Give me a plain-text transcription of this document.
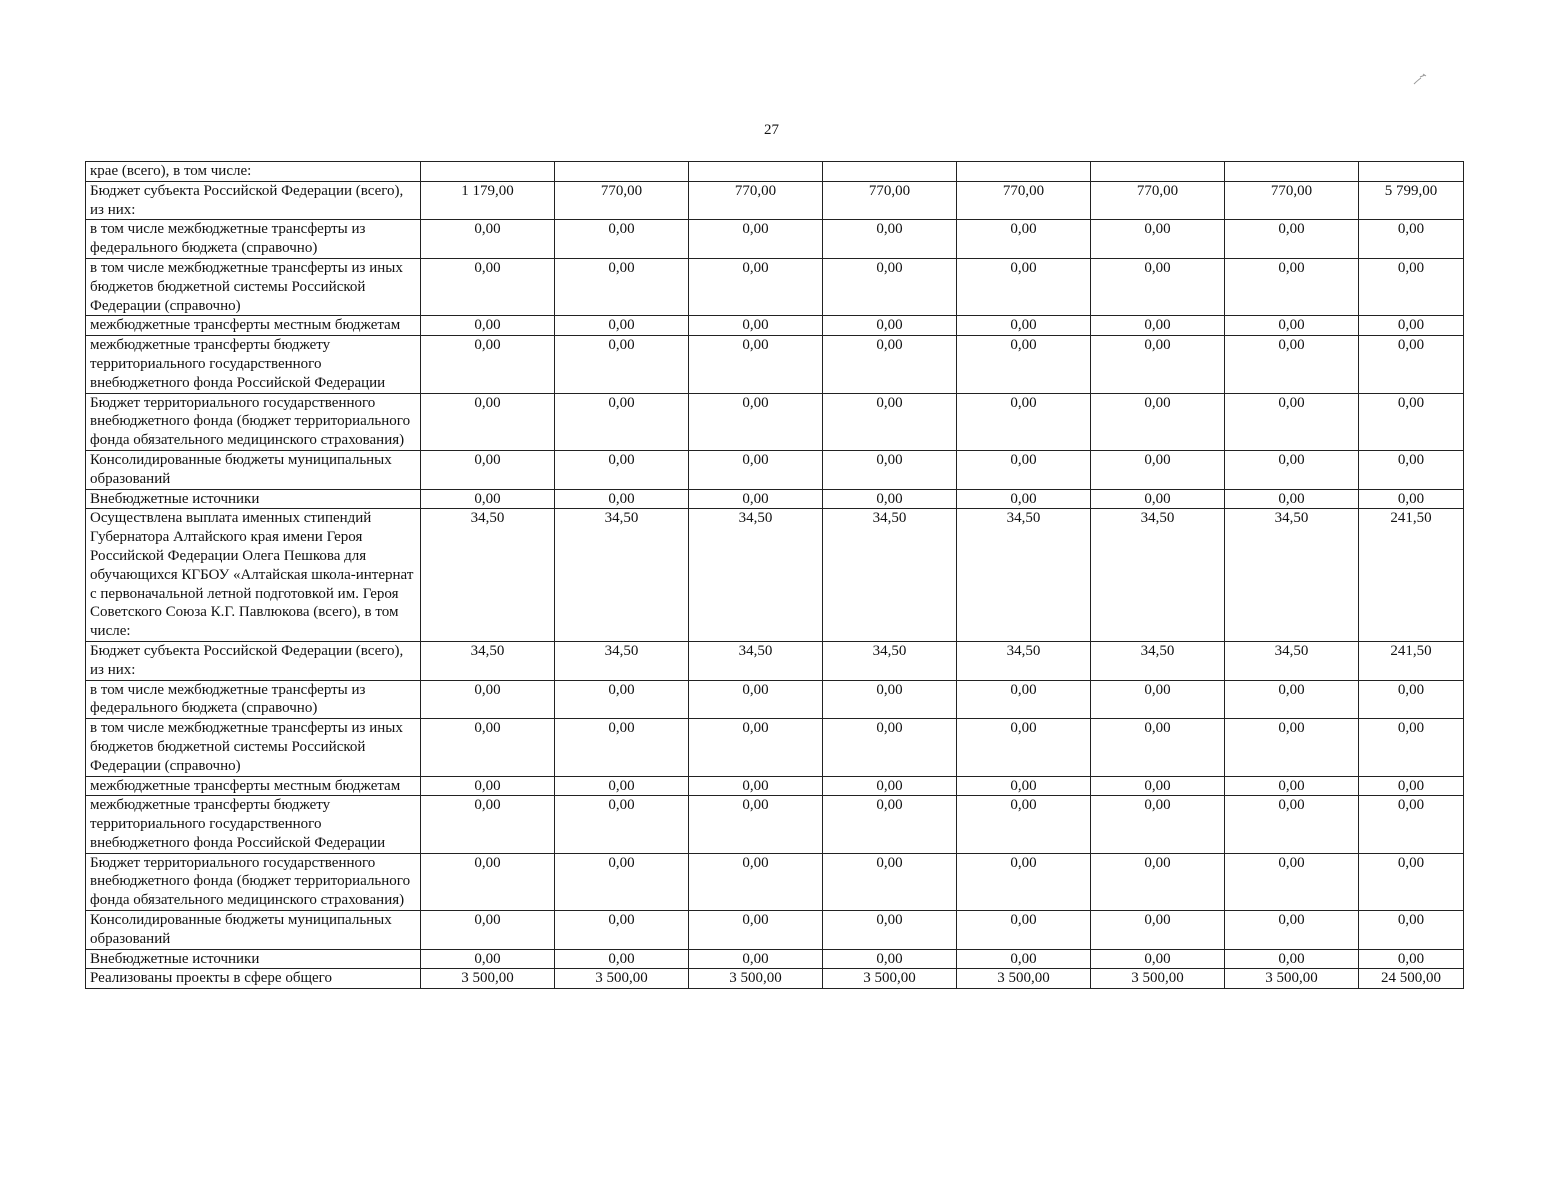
27
крае (всего), в том числе:								
Бюджет субъекта Российской Федерации (всего), из них:	1 179,00	770,00	770,00	770,00	770,00	770,00	770,00	5 799,00
в том числе межбюджетные трансферты из федерального бюджета (справочно)	0,00	0,00	0,00	0,00	0,00	0,00	0,00	0,00
в том числе межбюджетные трансферты из иных бюджетов бюджетной системы Российской Федерации (справочно)	0,00	0,00	0,00	0,00	0,00	0,00	0,00	0,00
межбюджетные трансферты местным бюджетам	0,00	0,00	0,00	0,00	0,00	0,00	0,00	0,00
межбюджетные трансферты бюджету территориального государственного внебюджетного фонда Российской Федерации	0,00	0,00	0,00	0,00	0,00	0,00	0,00	0,00
Бюджет территориального государственного внебюджетного фонда (бюджет территориального фонда обязательного медицинского страхования)	0,00	0,00	0,00	0,00	0,00	0,00	0,00	0,00
Консолидированные бюджеты муниципальных образований	0,00	0,00	0,00	0,00	0,00	0,00	0,00	0,00
Внебюджетные источники	0,00	0,00	0,00	0,00	0,00	0,00	0,00	0,00
Осуществлена выплата именных стипендий Губернатора Алтайского края имени Героя Российской Федерации Олега Пешкова для обучающихся КГБОУ «Алтайская школа-интернат с первоначальной летной подготовкой им. Героя Советского Союза К.Г. Павлюкова (всего), в том числе:	34,50	34,50	34,50	34,50	34,50	34,50	34,50	241,50
Бюджет субъекта Российской Федерации (всего), из них:	34,50	34,50	34,50	34,50	34,50	34,50	34,50	241,50
в том числе межбюджетные трансферты из федерального бюджета (справочно)	0,00	0,00	0,00	0,00	0,00	0,00	0,00	0,00
в том числе межбюджетные трансферты из иных бюджетов бюджетной системы Российской Федерации (справочно)	0,00	0,00	0,00	0,00	0,00	0,00	0,00	0,00
межбюджетные трансферты местным бюджетам	0,00	0,00	0,00	0,00	0,00	0,00	0,00	0,00
межбюджетные трансферты бюджету территориального государственного внебюджетного фонда Российской Федерации	0,00	0,00	0,00	0,00	0,00	0,00	0,00	0,00
Бюджет территориального государственного внебюджетного фонда (бюджет территориального фонда обязательного медицинского страхования)	0,00	0,00	0,00	0,00	0,00	0,00	0,00	0,00
Консолидированные бюджеты муниципальных образований	0,00	0,00	0,00	0,00	0,00	0,00	0,00	0,00
Внебюджетные источники	0,00	0,00	0,00	0,00	0,00	0,00	0,00	0,00
Реализованы проекты в сфере общего	3 500,00	3 500,00	3 500,00	3 500,00	3 500,00	3 500,00	3 500,00	24 500,00
